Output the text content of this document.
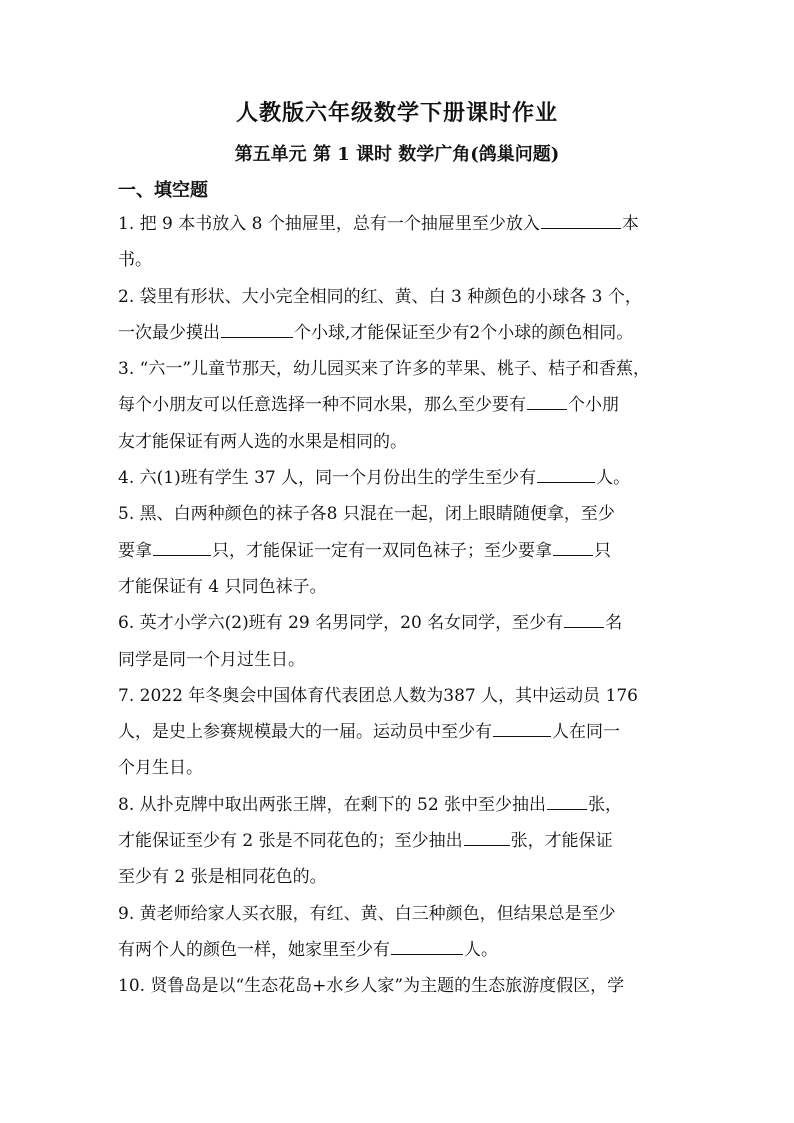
人教版六年级数学下册课时作业
第五单元 第 1 课时 数学广角(鸽巢问题)
一、填空题

1. 把 9 本书放入 8 个抽屉里，总有一个抽屉里至少放入	本

书。

2. 袋里有形状、大小完全相同的红、黄、白 3 种颜色的小球各 3 个，

一次最少摸出	个小球,才能保证至少有2个小球的颜色相同。

3. “六一”儿童节那天，幼儿园买来了许多的苹果、桃子、桔子和香蕉，

每个小朋友可以任意选择一种不同水果，那么至少要有 个小朋

友才能保证有两人选的水果是相同的。

4. 六(1)班有学生 37 人，同一个月份出生的学生至少有	人。

5. 黑、白两种颜色的袜子各8 只混在一起，闭上眼睛随便拿，至少

要拿	只，才能保证一定有一双同色袜子；至少要拿 只

才能保证有 4 只同色袜子。

6. 英才小学六(2)班有 29 名男同学，20 名女同学，至少有 名

同学是同一个月过生日。

7. 2022 年冬奥会中国体育代表团总人数为387 人，其中运动员 176

人，是史上参赛规模最大的一届。运动员中至少有	人在同一

个月生日。

8. 从扑克牌中取出两张王牌，在剩下的 52 张中至少抽出 张，

才能保证至少有 2 张是不同花色的；至少抽出	张，才能保证

至少有 2 张是相同花色的。

9. 黄老师给家人买衣服，有红、黄、白三种颜色，但结果总是至少

有两个人的颜色一样，她家里至少有	人。

10. 贤鲁岛是以“生态花岛+水乡人家”为主题的生态旅游度假区，学
